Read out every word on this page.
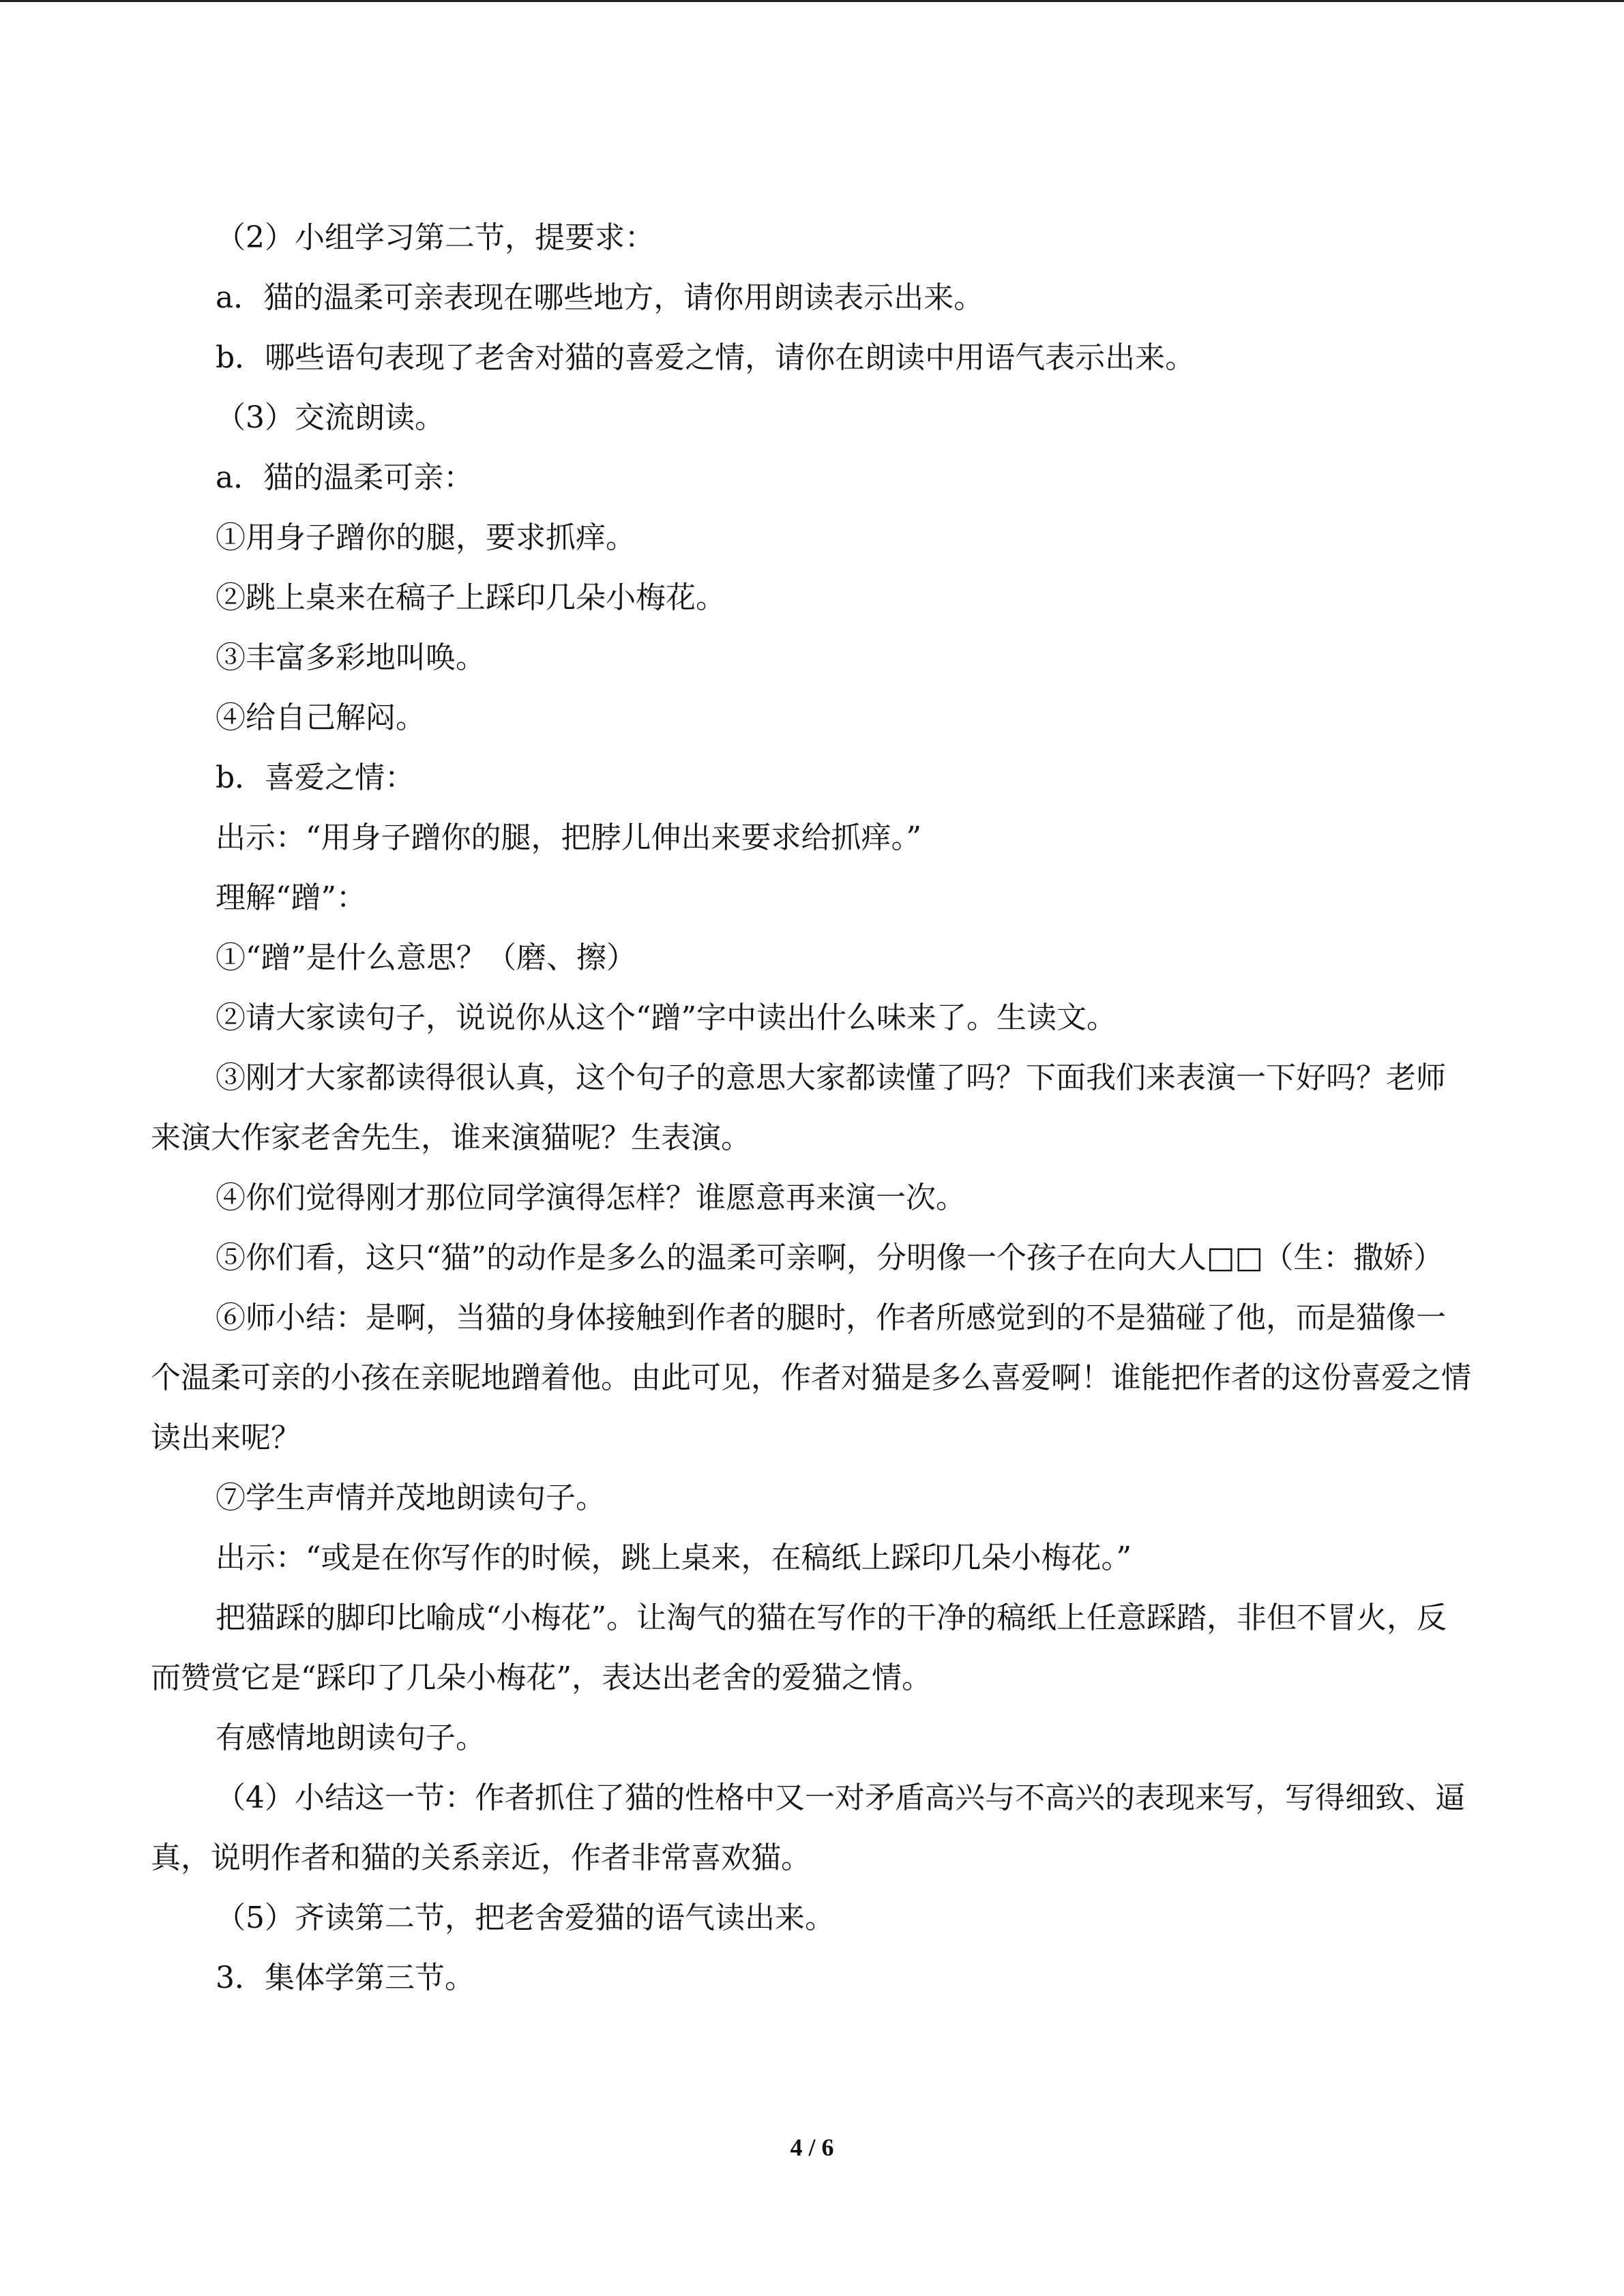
（2）小组学习第二节，提要求：

a．猫的温柔可亲表现在哪些地方，请你用朗读表示出来。

b．哪些语句表现了老舍对猫的喜爱之情，请你在朗读中用语气表示出来。

（3）交流朗读。

a．猫的温柔可亲：

①用身子蹭你的腿，要求抓痒。

②跳上桌来在稿子上踩印几朵小梅花。

③丰富多彩地叫唤。

④给自己解闷。

b．喜爱之情：

出示：“用身子蹭你的腿，把脖儿伸出来要求给抓痒。”

理解“蹭”：

①“蹭”是什么意思？（磨、擦）

②请大家读句子，说说你从这个“蹭”字中读出什么味来了。生读文。

③刚才大家都读得很认真，这个句子的意思大家都读懂了吗？下面我们来表演一下好吗？老师来演大作家老舍先生，谁来演猫呢？生表演。

④你们觉得刚才那位同学演得怎样？谁愿意再来演一次。

⑤你们看，这只“猫”的动作是多么的温柔可亲啊，分明像一个孩子在向大人□□（生：撒娇）

⑥师小结：是啊，当猫的身体接触到作者的腿时，作者所感觉到的不是猫碰了他，而是猫像一个温柔可亲的小孩在亲昵地蹭着他。由此可见，作者对猫是多么喜爱啊！谁能把作者的这份喜爱之情读出来呢？

⑦学生声情并茂地朗读句子。

出示：“或是在你写作的时候，跳上桌来，在稿纸上踩印几朵小梅花。”

把猫踩的脚印比喻成“小梅花”。让淘气的猫在写作的干净的稿纸上任意踩踏，非但不冒火，反而赞赏它是“踩印了几朵小梅花”，表达出老舍的爱猫之情。

有感情地朗读句子。

（4）小结这一节：作者抓住了猫的性格中又一对矛盾高兴与不高兴的表现来写，写得细致、逼真，说明作者和猫的关系亲近，作者非常喜欢猫。

（5）齐读第二节，把老舍爱猫的语气读出来。

3．集体学第三节。

4 / 6
